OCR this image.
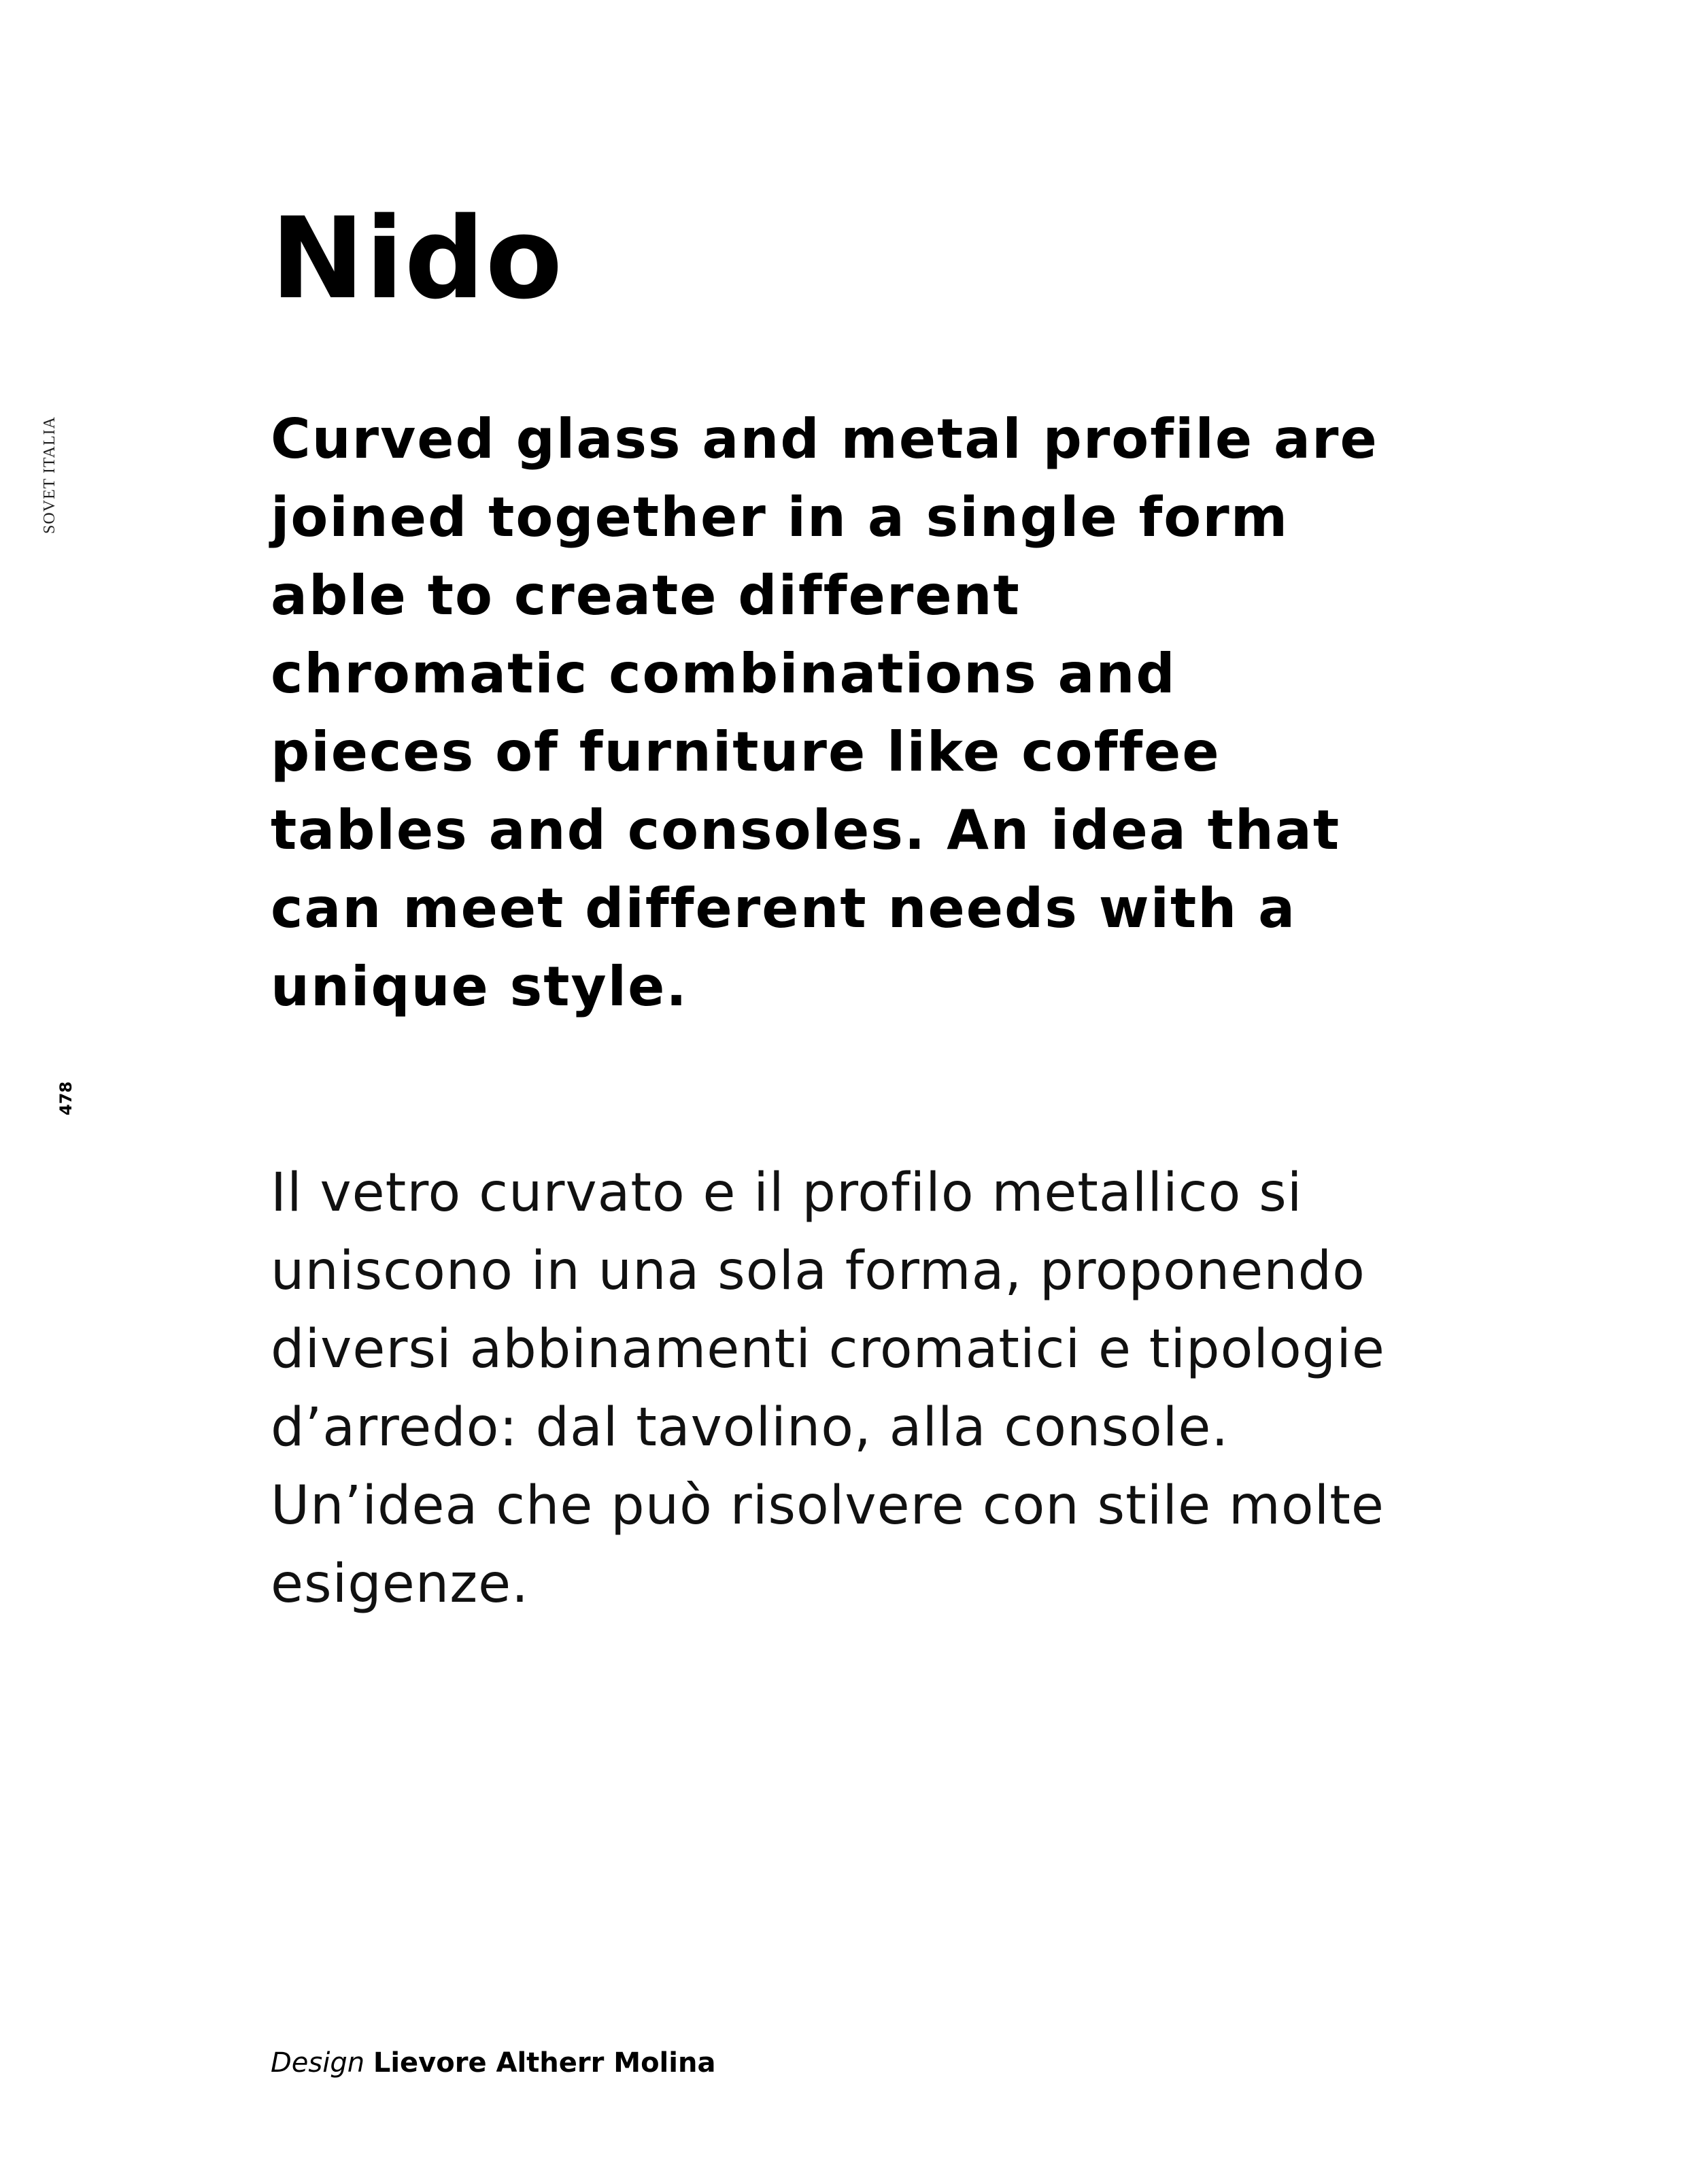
SOVET ITALIA
478
Nido
Curved glass and metal profile are
joined together in a single form
able to create different
chromatic combinations and
pieces of furniture like coffee
tables and consoles. An idea that
can meet different needs with a
unique style.
Il vetro curvato e il profilo metallico si
uniscono in una sola forma, proponendo
diversi abbinamenti cromatici e tipologie
d’arredo: dal tavolino, alla console.
Un’idea che può risolvere con stile molte
esigenze.
Design Lievore Altherr Molina
